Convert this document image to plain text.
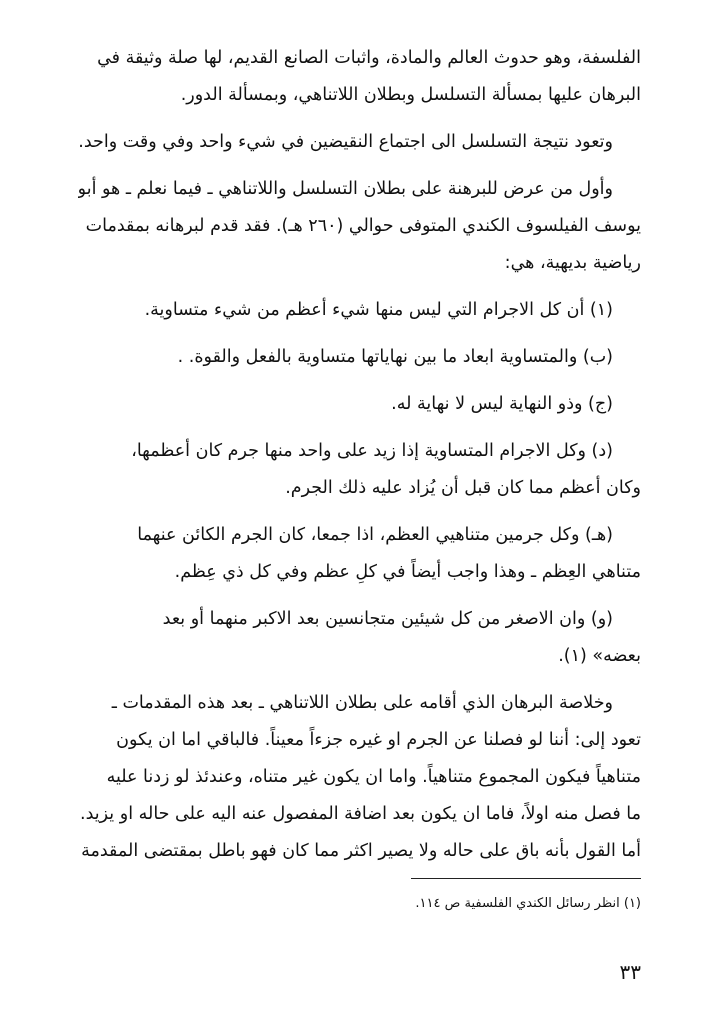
الفلسفة، وهو حدوث العالم والمادة، واثبات الصانع القديم، لها صلة وثيقة في
البرهان عليها بمسألة التسلسل وبطلان اللاتناهي، وبمسألة الدور.

وتعود نتيجة التسلسل الى اجتماع النقيضين في شيء واحد وفي وقت واحد.

وأول من عرض للبرهنة على بطلان التسلسل واللاتناهي ـ فيما نعلم ـ هو أبو
يوسف الفيلسوف الكندي المتوفى حوالي (٢٦٠ هـ). فقد قدم لبرهانه بمقدمات
رياضية بديهية، هي:

(١) أن كل الاجرام التي ليس منها شيء أعظم من شيء متساوية.

(ب) والمتساوية ابعاد ما بين نهاياتها متساوية بالفعل والقوة. .

(ج) وذو النهاية ليس لا نهاية له.

(د) وكل الاجرام المتساوية إذا زيد على واحد منها جرم كان أعظمها،
وكان أعظم مما كان قبل أن يُزاد عليه ذلك الجرم.

(هـ) وكل جرمين متناهيي العظم، اذا جمعا، كان الجرم الكائن عنهما
متناهي العِظم ـ وهذا واجب أيضاً في كلِ عظم وفي كل ذي عِظم.

(و) وان الاصغر من كل شيئين متجانسين بعد الاكبر منهما أو بعد
بعضه» (١).

وخلاصة البرهان الذي أقامه على بطلان اللاتناهي ـ بعد هذه المقدمات ـ
تعود إلى: أننا لو فصلنا عن الجرم او غيره جزءاً معيناً. فالباقي اما ان يكون
متناهياً فيكون المجموع متناهياً. واما ان يكون غير متناه، وعندئذ لو زدنا عليه
ما فصل منه اولاً، فاما ان يكون بعد اضافة المفصول عنه اليه على حاله او يزيد.
أما القول بأنه باق على حاله ولا يصير اكثر مما كان فهو باطل بمقتضى المقدمة

(١) انظر رسائل الكندي الفلسفية ص ١١٤.
٣٣
